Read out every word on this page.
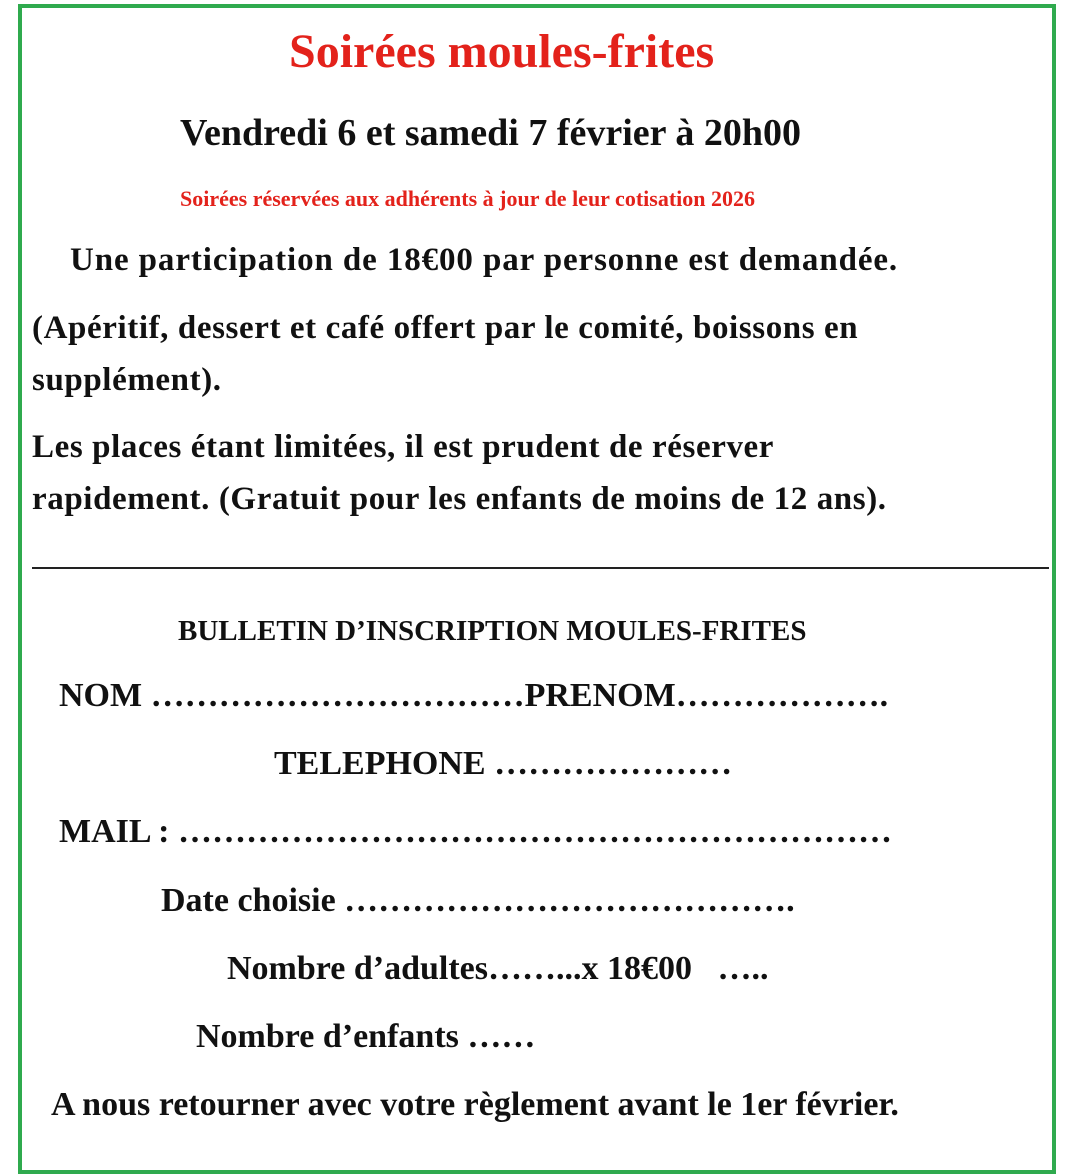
Soirées moules-frites
Vendredi 6 et samedi 7 février à 20h00
Soirées réservées aux adhérents à jour de leur cotisation 2026
Une participation de 18€00 par personne est demandée.
(Apéritif, dessert et café offert par le comité, boissons en
supplément).
Les places étant limitées, il est prudent de réserver
rapidement. (Gratuit pour les enfants de moins de 12 ans).
BULLETIN D’INSCRIPTION MOULES-FRITES
NOM ……………………………PRENOM……………….
TELEPHONE …………………
MAIL : ………………………………………………………
Date choisie ………………………………….
Nombre d’adultes……...x 18€00   …..
Nombre d’enfants ……
A nous retourner avec votre règlement avant le 1er février.
